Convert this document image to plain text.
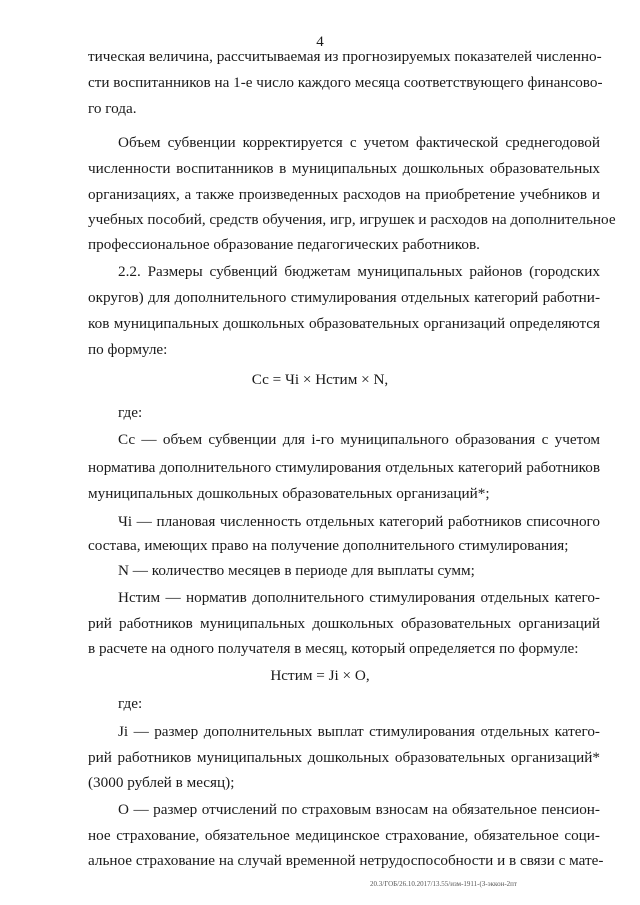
4
тическая величина, рассчитываемая из прогнозируемых показателей численно-
сти воспитанников на 1-е число каждого месяца соответствующего финансово-
го года.
Объем субвенции корректируется с учетом фактической среднегодовой
численности воспитанников в муниципальных дошкольных образовательных
организациях, а также произведенных расходов на приобретение учебников и
учебных пособий, средств обучения, игр, игрушек и расходов на дополнительное
профессиональное образование педагогических работников.
2.2. Размеры субвенций бюджетам муниципальных районов (городских
округов) для дополнительного стимулирования отдельных категорий работни-
ков муниципальных дошкольных образовательных организаций определяются
по формуле:
Сс = Чi × Нстим × N,
где:
Сс — объем субвенции для i-го муниципального образования с учетом
норматива дополнительного стимулирования отдельных категорий работников
муниципальных дошкольных образовательных организаций*;
Чi — плановая численность отдельных категорий работников списочного
состава, имеющих право на получение дополнительного стимулирования;
N — количество месяцев в периоде для выплаты сумм;
Нстим — норматив дополнительного стимулирования отдельных катего-
рий работников муниципальных дошкольных образовательных организаций
в расчете на одного получателя в месяц, который определяется по формуле:
Нстим = Ji × О,
где:
Ji — размер дополнительных выплат стимулирования отдельных катего-
рий работников муниципальных дошкольных образовательных организаций*
(3000 рублей в месяц);
О — размер отчислений по страховым взносам на обязательное пенсион-
ное страхование, обязательное медицинское страхование, обязательное соци-
альное страхование на случай временной нетрудоспособности и в связи с мате-
20.3/ГОБ/26.10.2017/13.55/изм-1911-(З-эккон-2пт
